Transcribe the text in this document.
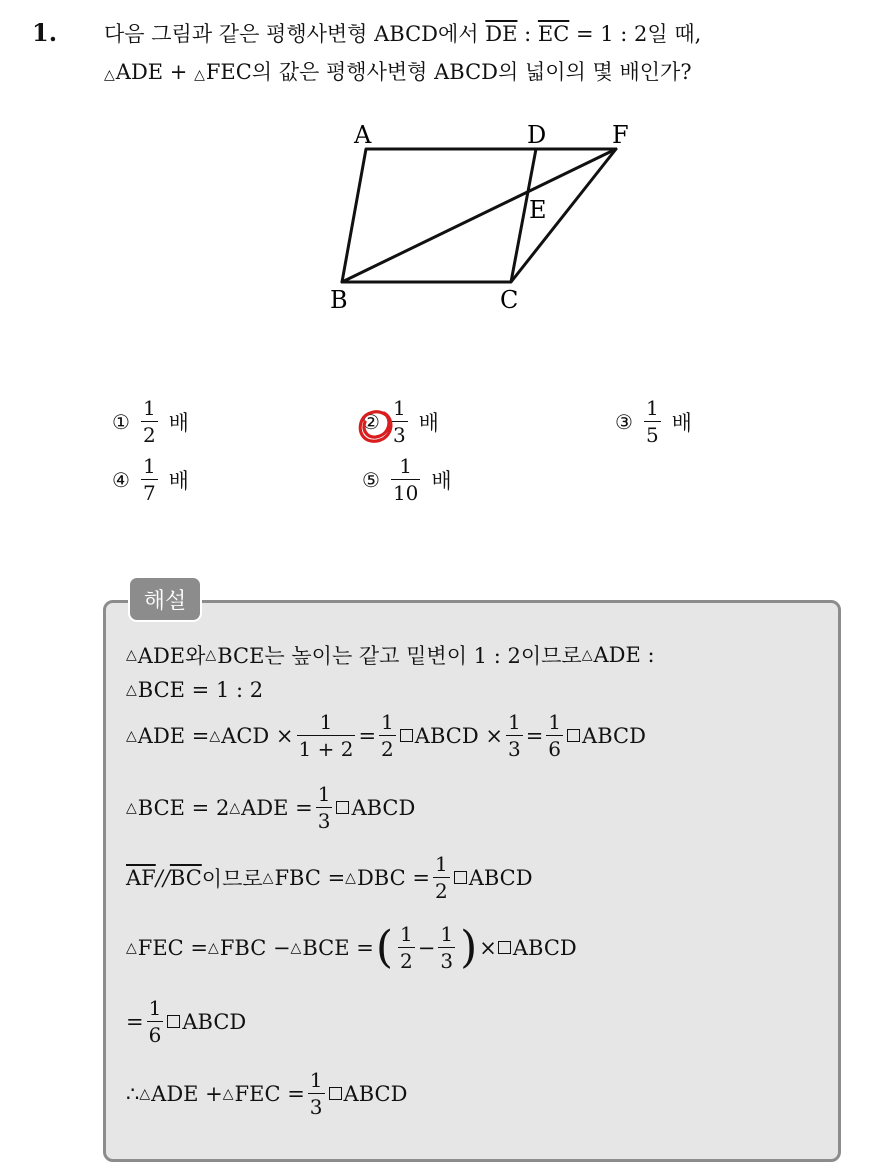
1. 다음 그림과 같은 평행사변형 ABCD에서 $\overline{DE}$ : $\overline{EC} = 1$ : 2일 때,
△ADE + △FEC의 값은 평행사변형 ABCD의 넓이의 몇 배인가?
A	D	F
E
B	C
① $\frac{1}{2}$ 배	② $\frac{1}{3}$ 배	③ $\frac{1}{5}$ 배
④ $\frac{1}{7}$ 배	⑤ $\frac{1}{10}$ 배
해설
△ ADE와 △ BCE는 높이는 같고 밑변이 1 : 2이므로 △ ADE :
△ BCE = 1 : 2
△ ADE = △ ACD × $\frac{1}{1 + 2} = \frac{1}{2}$ ABCD × $\frac{1}{3} = \frac{1}{6}$ ABCD
△ BCE = 2 △ ADE = $\frac{1}{3}$ ABCD
$\overline{AF} // \overline{BC}$ 이므로 △ FBC = △ DBC = $\frac{1}{2}$ ABCD
△ FEC = △ FBC − △ BCE = ( $\frac{1}{2} - \frac{1}{3}$ ) × ABCD
= $\frac{1}{6}$ ABCD
∴ △ ADE + △ FEC = $\frac{1}{3}$ ABCD
